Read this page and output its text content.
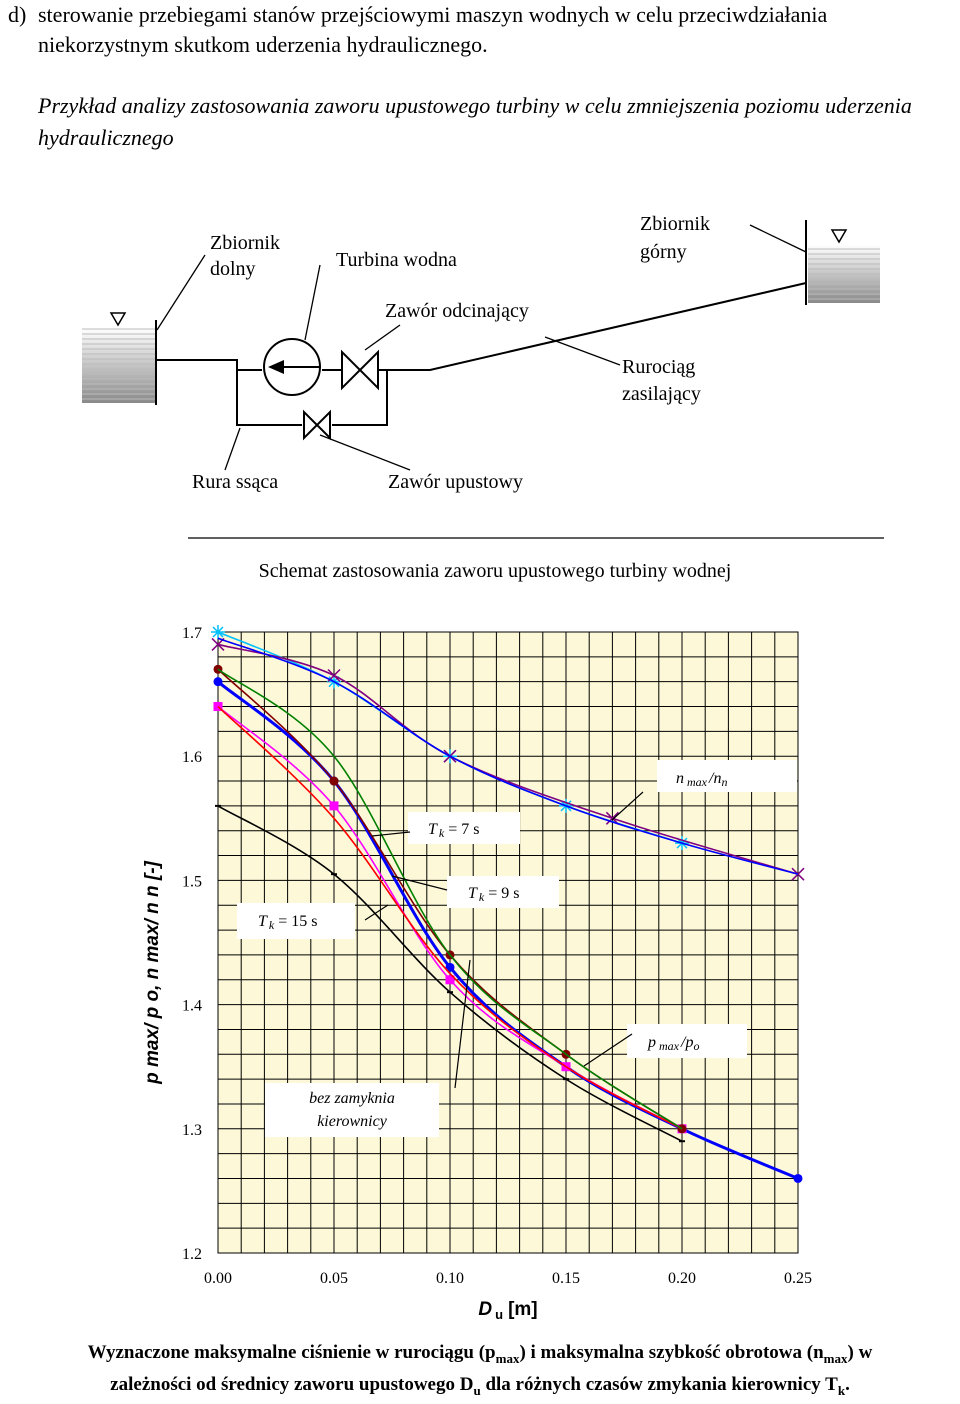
d) sterowanie przebiegami stanów przejściowymi maszyn wodnych w celu przeciwdziałania niekorzystnym skutkom uderzenia hydraulicznego.
Przykład analizy zastosowania zaworu upustowego turbiny w celu zmniejszenia poziomu uderzenia hydraulicznego
Zbiornik
dolny	Turbina wodna
Zbiornik
górny
Zawór odcinający
Rurociąg
zasilający
Rura ssąca	Zawór upustowy
Schemat zastosowania zaworu upustowego turbiny wodnej
0.00	0.05	0.10	0.15	0.20	0.25
1.2
1.3
1.4
1.5
1.6
1.7
n max /nn
p max /po
T k = 7 s
T k = 9 s
T k = 15 s
bez zamyknia
kierownicy
D $_u$ [m]
p max/ p o, n max/ n n [-]
Wyznaczone maksymalne ciśnienie w rurociągu $(p_{max})$ i maksymalna szybkość obrotowa $(n_{max})$ w
zależności od średnicy zaworu upustowego $D_u$ dla różnych czasów zmykania kierownicy $T_k$.
